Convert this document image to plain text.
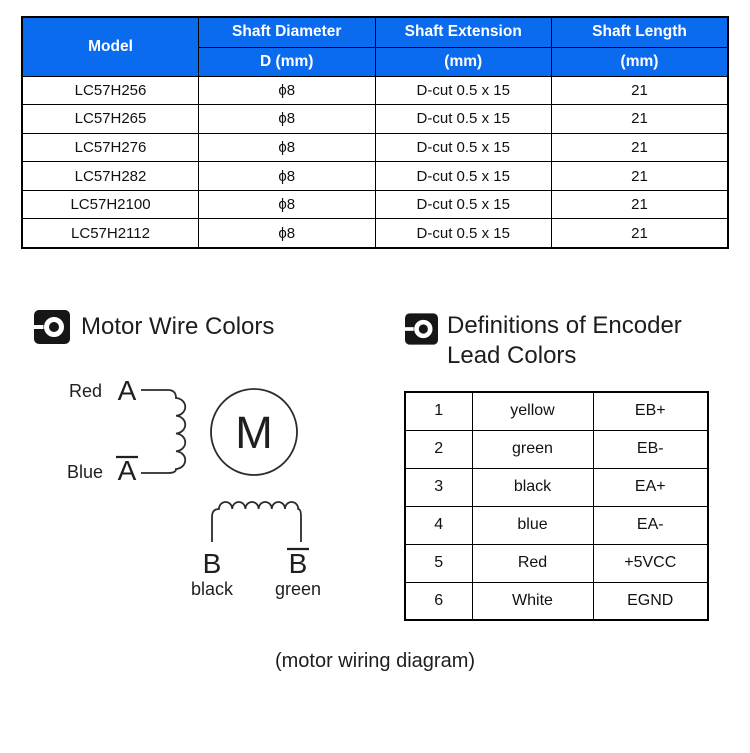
Model	Shaft Diameter	Shaft Extension	Shaft Length
	D (mm)	(mm)	(mm)
LC57H256	ϕ8	D-cut 0.5 x 15	21
LC57H265	ϕ8	D-cut 0.5 x 15	21
LC57H276	ϕ8	D-cut 0.5 x 15	21
LC57H282	ϕ8	D-cut 0.5 x 15	21
LC57H2100	ϕ8	D-cut 0.5 x 15	21
LC57H2112	ϕ8	D-cut 0.5 x 15	21
Motor Wire Colors	Definitions of Encoder
Lead Colors
Red A
Blue A
M
B B
black green
1	yellow	EB+
2	green	EB-
3	black	EA+
4	blue	EA-
5	Red	+5VCC
6	White	EGND
(motor wiring diagram)
